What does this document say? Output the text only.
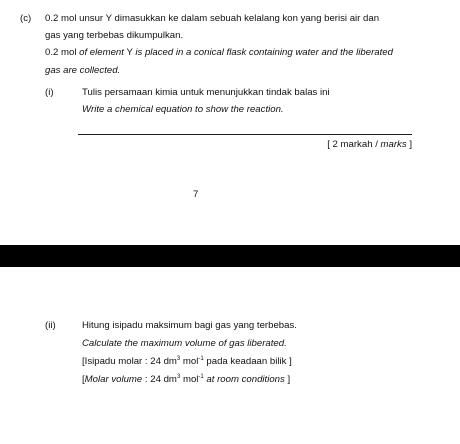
(c) 0.2 mol unsur Y dimasukkan ke dalam sebuah kelalang kon yang berisi air dan
gas yang terbebas dikumpulkan.
0.2 mol of element Y is placed in a conical flask containing water and the liberated
gas are collected.
(i)	Tulis persamaan kimia untuk menunjukkan tindak balas ini
Write a chemical equation to show the reaction.
[ 2 markah / marks ]
7
(ii)	Hitung isipadu maksimum bagi gas yang terbebas.
Calculate the maximum volume of gas liberated.
[Isipadu molar : 24 $dm^3$ mol$^{-1}$ pada keadaan bilik ]
[Molar volume : 24 $dm^3$ mol$^{-1}$ at room conditions ]
